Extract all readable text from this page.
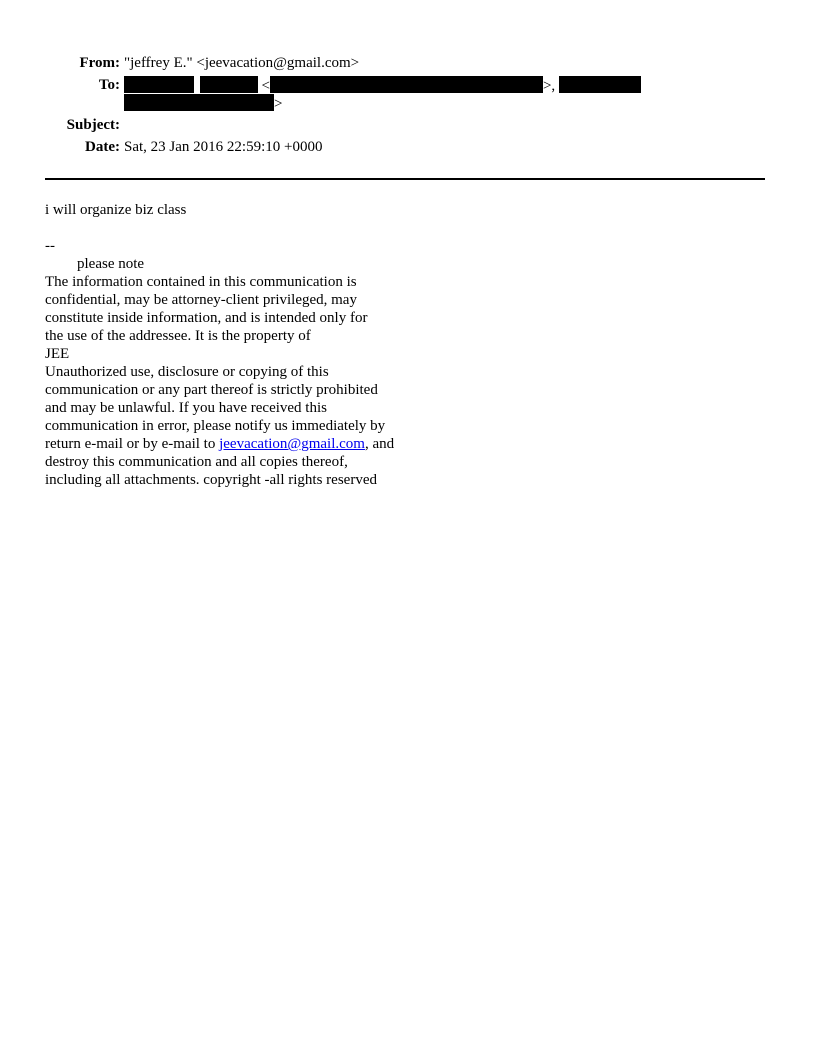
From: "jeffrey E." <jeevacation@gmail.com>
To:	<	>,
>
Subject:
Date: Sat, 23 Jan 2016 22:59:10 +0000
i will organize biz class
--
please note
The information contained in this communication is
confidential, may be attorney-client privileged, may
constitute inside information, and is intended only for
the use of the addressee. It is the property of
JEE
Unauthorized use, disclosure or copying of this
communication or any part thereof is strictly prohibited
and may be unlawful. If you have received this
communication in error, please notify us immediately by
return e-mail or by e-mail to jeevacation@gmail.com, and
destroy this communication and all copies thereof,
including all attachments. copyright -all rights reserved
